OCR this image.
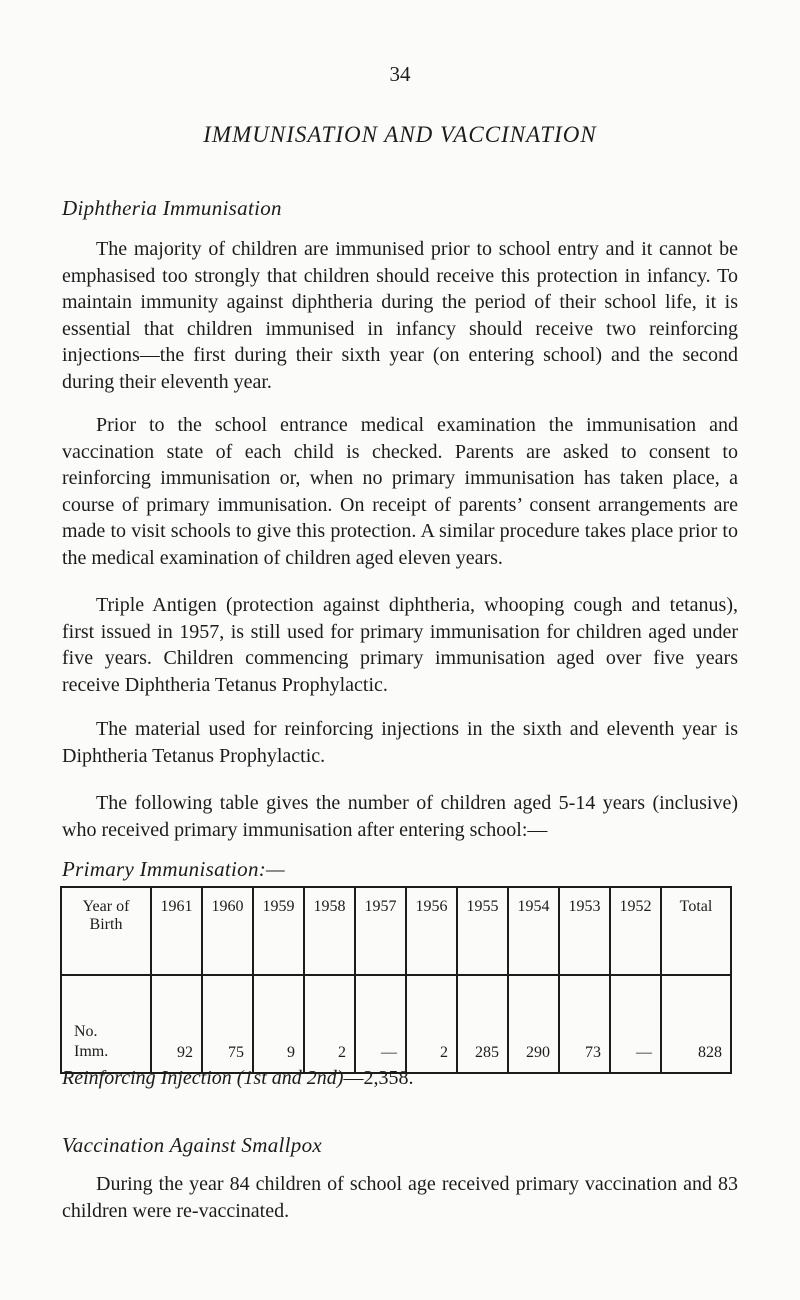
34
IMMUNISATION AND VACCINATION
Diphtheria Immunisation

The majority of children are immunised prior to school entry and it cannot be emphasised too strongly that children should receive this protection in infancy. To maintain immunity against diphtheria during the period of their school life, it is essential that children immunised in infancy should receive two reinforcing injections—the first during their sixth year (on entering school) and the second during their eleventh year.

Prior to the school entrance medical examination the immunisation and vaccination state of each child is checked. Parents are asked to consent to reinforcing immunisation or, when no primary immunisation has taken place, a course of primary immunisation. On receipt of parents’ consent arrangements are made to visit schools to give this protection. A similar procedure takes place prior to the medical examination of children aged eleven years.

Triple Antigen (protection against diphtheria, whooping cough and tetanus), first issued in 1957, is still used for primary immunisation for children aged under five years. Children commencing primary immunisation aged over five years receive Diphtheria Tetanus Prophylactic.

The material used for reinforcing injections in the sixth and eleventh year is Diphtheria Tetanus Prophylactic.

The following table gives the number of children aged 5-14 years (inclusive) who received primary immunisation after entering school:—

Primary Immunisation:—
Year of
Birth	1961	1960	1959	1958	1957	1956	1955	1954	1953	1952	Total
No.
Imm.	92	75	9	2	—	2	285	290	73	—	828
Reinforcing Injection (1st and 2nd)—2,358.
Vaccination Against Smallpox

During the year 84 children of school age received primary vaccination and 83 children were re-vaccinated.
